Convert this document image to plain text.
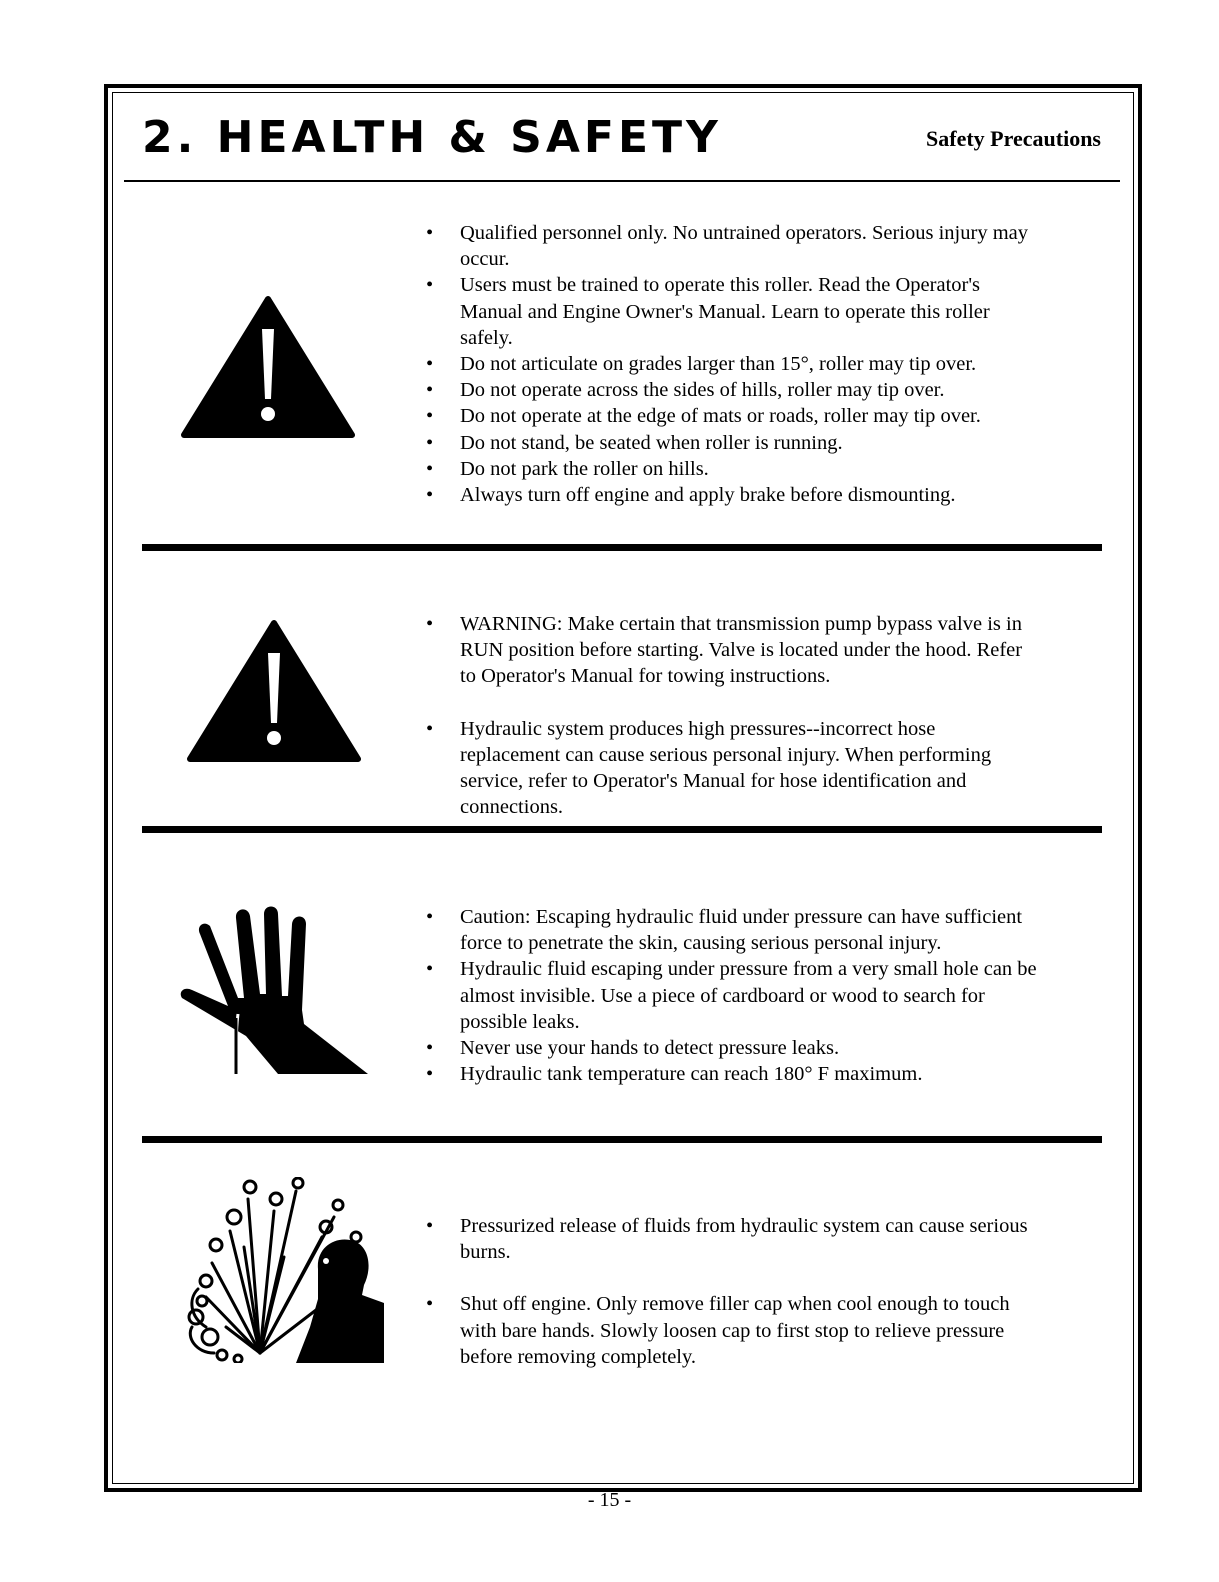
2. HEALTH & SAFETY	Safety Precautions
• Qualified personnel only. No untrained operators. Serious injury may occur.
• Users must be trained to operate this roller. Read the Operator's Manual and Engine Owner's Manual. Learn to operate this roller safely.
• Do not articulate on grades larger than 15°, roller may tip over.
• Do not operate across the sides of hills, roller may tip over.
• Do not operate at the edge of mats or roads, roller may tip over.
• Do not stand, be seated when roller is running.
• Do not park the roller on hills.
• Always turn off engine and apply brake before dismounting.
• WARNING: Make certain that transmission pump bypass valve is in RUN position before starting. Valve is located under the hood. Refer to Operator's Manual for towing instructions.
• Hydraulic system produces high pressures--incorrect hose replacement can cause serious personal injury. When performing service, refer to Operator's Manual for hose identification and connections.
• Caution: Escaping hydraulic fluid under pressure can have sufficient force to penetrate the skin, causing serious personal injury.
• Hydraulic fluid escaping under pressure from a very small hole can be almost invisible. Use a piece of cardboard or wood to search for possible leaks.
• Never use your hands to detect pressure leaks.
• Hydraulic tank temperature can reach 180° F maximum.
• Pressurized release of fluids from hydraulic system can cause serious burns.
• Shut off engine. Only remove filler cap when cool enough to touch with bare hands. Slowly loosen cap to first stop to relieve pressure before removing completely.
- 15 -
